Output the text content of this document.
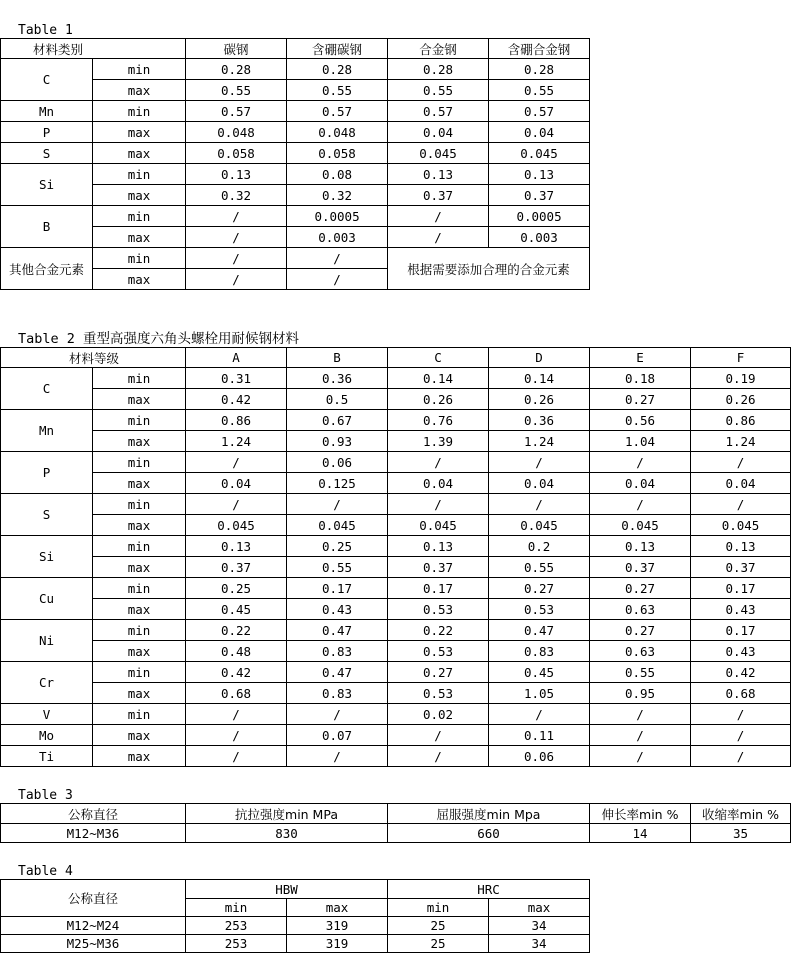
Table 1
材料类别		碳钢	含硼碳钢	合金钢	含硼合金钢
C	min	0.28	0.28	0.28	0.28
	max	0.55	0.55	0.55	0.55
Mn	min	0.57	0.57	0.57	0.57
P	max	0.048	0.048	0.04	0.04
S	max	0.058	0.058	0.045	0.045
Si	min	0.13	0.08	0.13	0.13
	max	0.32	0.32	0.37	0.37
B	min	/	0.0005	/	0.0005
	max	/	0.003	/	0.003
其他合金元素	min	/	/	根据需要添加合理的合金元素	
	max	/	/		
Table 2 重型高强度六角头螺栓用耐候钢材料
材料等级		A	B	C	D	E	F
C	min	0.31	0.36	0.14	0.14	0.18	0.19
	max	0.42	0.5	0.26	0.26	0.27	0.26
Mn	min	0.86	0.67	0.76	0.36	0.56	0.86
	max	1.24	0.93	1.39	1.24	1.04	1.24
P	min	/	0.06	/	/	/	/
	max	0.04	0.125	0.04	0.04	0.04	0.04
S	min	/	/	/	/	/	/
	max	0.045	0.045	0.045	0.045	0.045	0.045
Si	min	0.13	0.25	0.13	0.2	0.13	0.13
	max	0.37	0.55	0.37	0.55	0.37	0.37
Cu	min	0.25	0.17	0.17	0.27	0.27	0.17
	max	0.45	0.43	0.53	0.53	0.63	0.43
Ni	min	0.22	0.47	0.22	0.47	0.27	0.17
	max	0.48	0.83	0.53	0.83	0.63	0.43
Cr	min	0.42	0.47	0.27	0.45	0.55	0.42
	max	0.68	0.83	0.53	1.05	0.95	0.68
V	min	/	/	0.02	/	/	/
Mo	max	/	0.07	/	0.11	/	/
Ti	max	/	/	/	0.06	/	/
Table 3
公称直径	抗拉强度min MPa	屈服强度min Mpa	伸长率min %	收缩率min %
M12~M36	830	660	14	35
Table 4
公称直径	HBW		HRC	
	min	max	min	max
M12~M24	253	319	25	34
M25~M36	253	319	25	34
